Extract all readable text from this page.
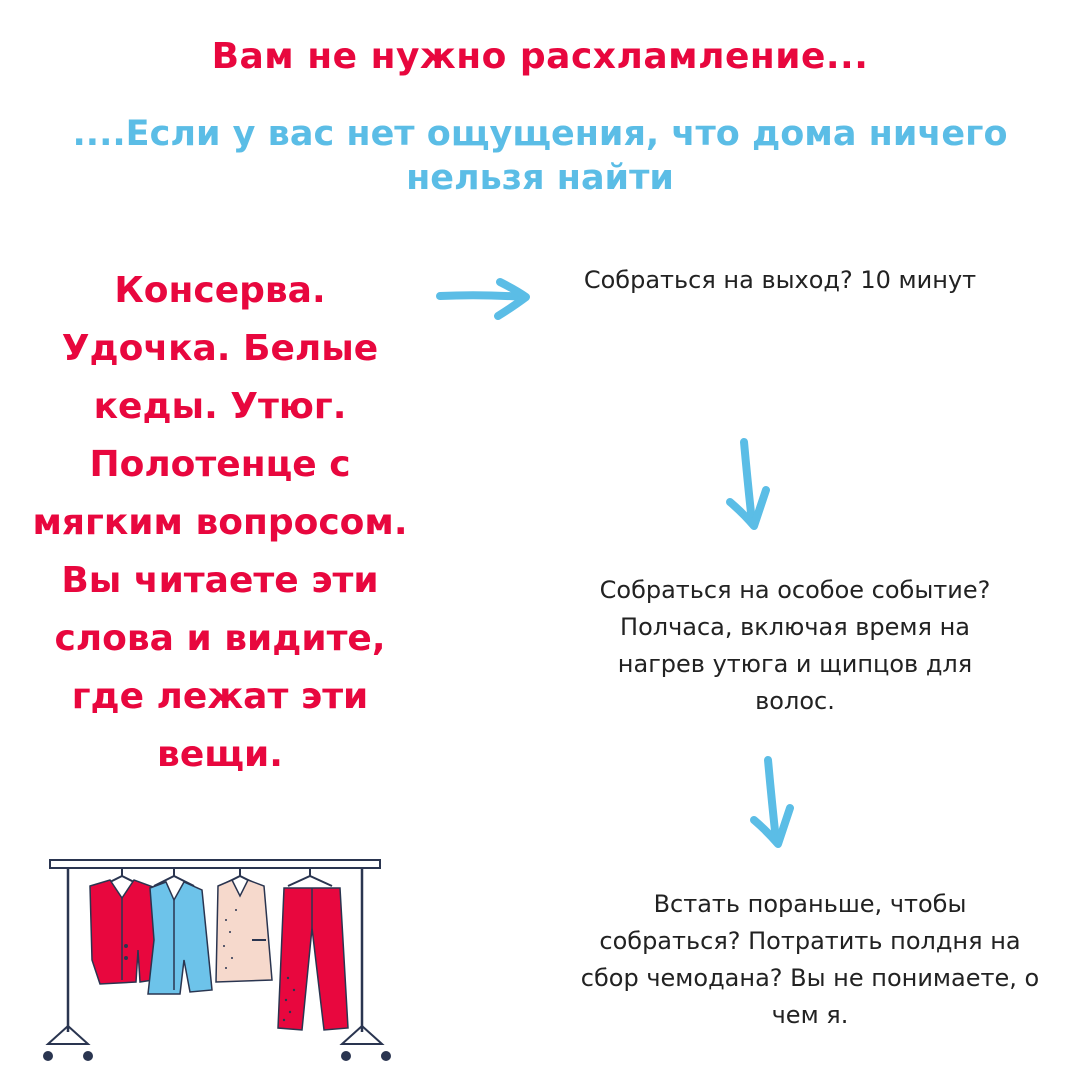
Вам не нужно расхламление...
....Если у вас нет ощущения, что дома ничего нельзя найти
Консерва. Удочка. Белые кеды. Утюг. Полотенце с мягким вопросом. Вы читаете эти слова и видите, где лежат эти вещи.
Собраться на выход? 10 минут
Собраться на особое событие? Полчаса, включая время на нагрев утюга и щипцов для волос.
Встать пораньше, чтобы собраться? Потратить полдня на сбор чемодана? Вы не понимаете, о чем я.
